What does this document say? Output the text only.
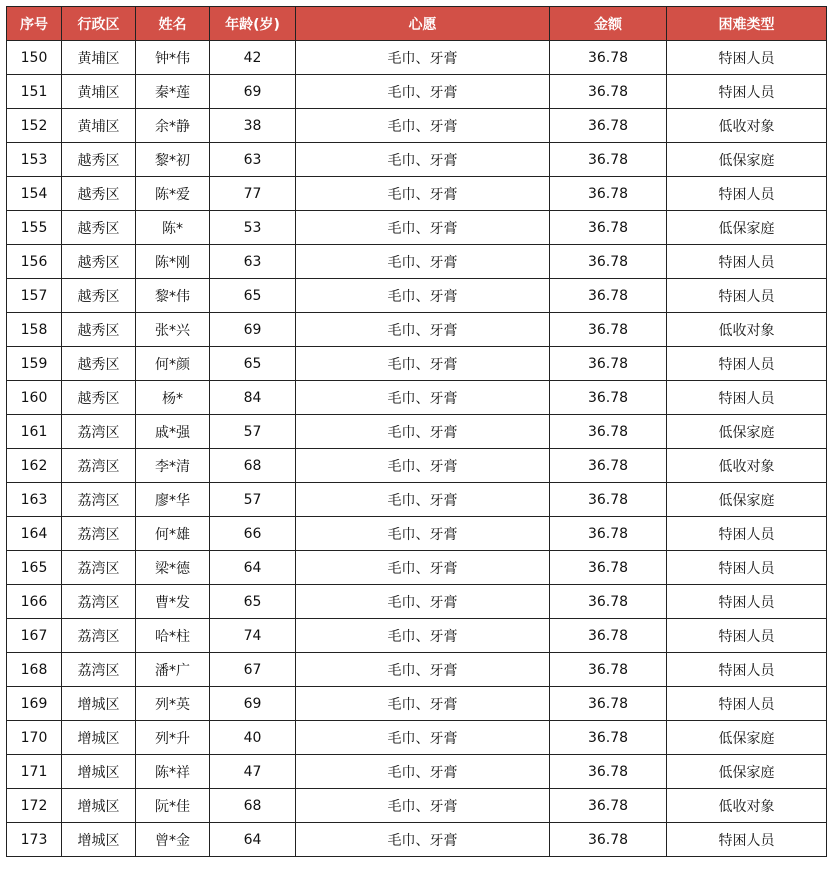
序号	行政区	姓名	年龄(岁)	心愿	金额	困难类型
150	黄埔区	钟*伟	42	毛巾、牙膏	36.78	特困人员
151	黄埔区	秦*莲	69	毛巾、牙膏	36.78	特困人员
152	黄埔区	余*静	38	毛巾、牙膏	36.78	低收对象
153	越秀区	黎*初	63	毛巾、牙膏	36.78	低保家庭
154	越秀区	陈*爱	77	毛巾、牙膏	36.78	特困人员
155	越秀区	陈*	53	毛巾、牙膏	36.78	低保家庭
156	越秀区	陈*刚	63	毛巾、牙膏	36.78	特困人员
157	越秀区	黎*伟	65	毛巾、牙膏	36.78	特困人员
158	越秀区	张*兴	69	毛巾、牙膏	36.78	低收对象
159	越秀区	何*颜	65	毛巾、牙膏	36.78	特困人员
160	越秀区	杨*	84	毛巾、牙膏	36.78	特困人员
161	荔湾区	戚*强	57	毛巾、牙膏	36.78	低保家庭
162	荔湾区	李*清	68	毛巾、牙膏	36.78	低收对象
163	荔湾区	廖*华	57	毛巾、牙膏	36.78	低保家庭
164	荔湾区	何*雄	66	毛巾、牙膏	36.78	特困人员
165	荔湾区	梁*德	64	毛巾、牙膏	36.78	特困人员
166	荔湾区	曹*发	65	毛巾、牙膏	36.78	特困人员
167	荔湾区	哈*柱	74	毛巾、牙膏	36.78	特困人员
168	荔湾区	潘*广	67	毛巾、牙膏	36.78	特困人员
169	增城区	列*英	69	毛巾、牙膏	36.78	特困人员
170	增城区	列*升	40	毛巾、牙膏	36.78	低保家庭
171	增城区	陈*祥	47	毛巾、牙膏	36.78	低保家庭
172	增城区	阮*佳	68	毛巾、牙膏	36.78	低收对象
173	增城区	曾*金	64	毛巾、牙膏	36.78	特困人员
